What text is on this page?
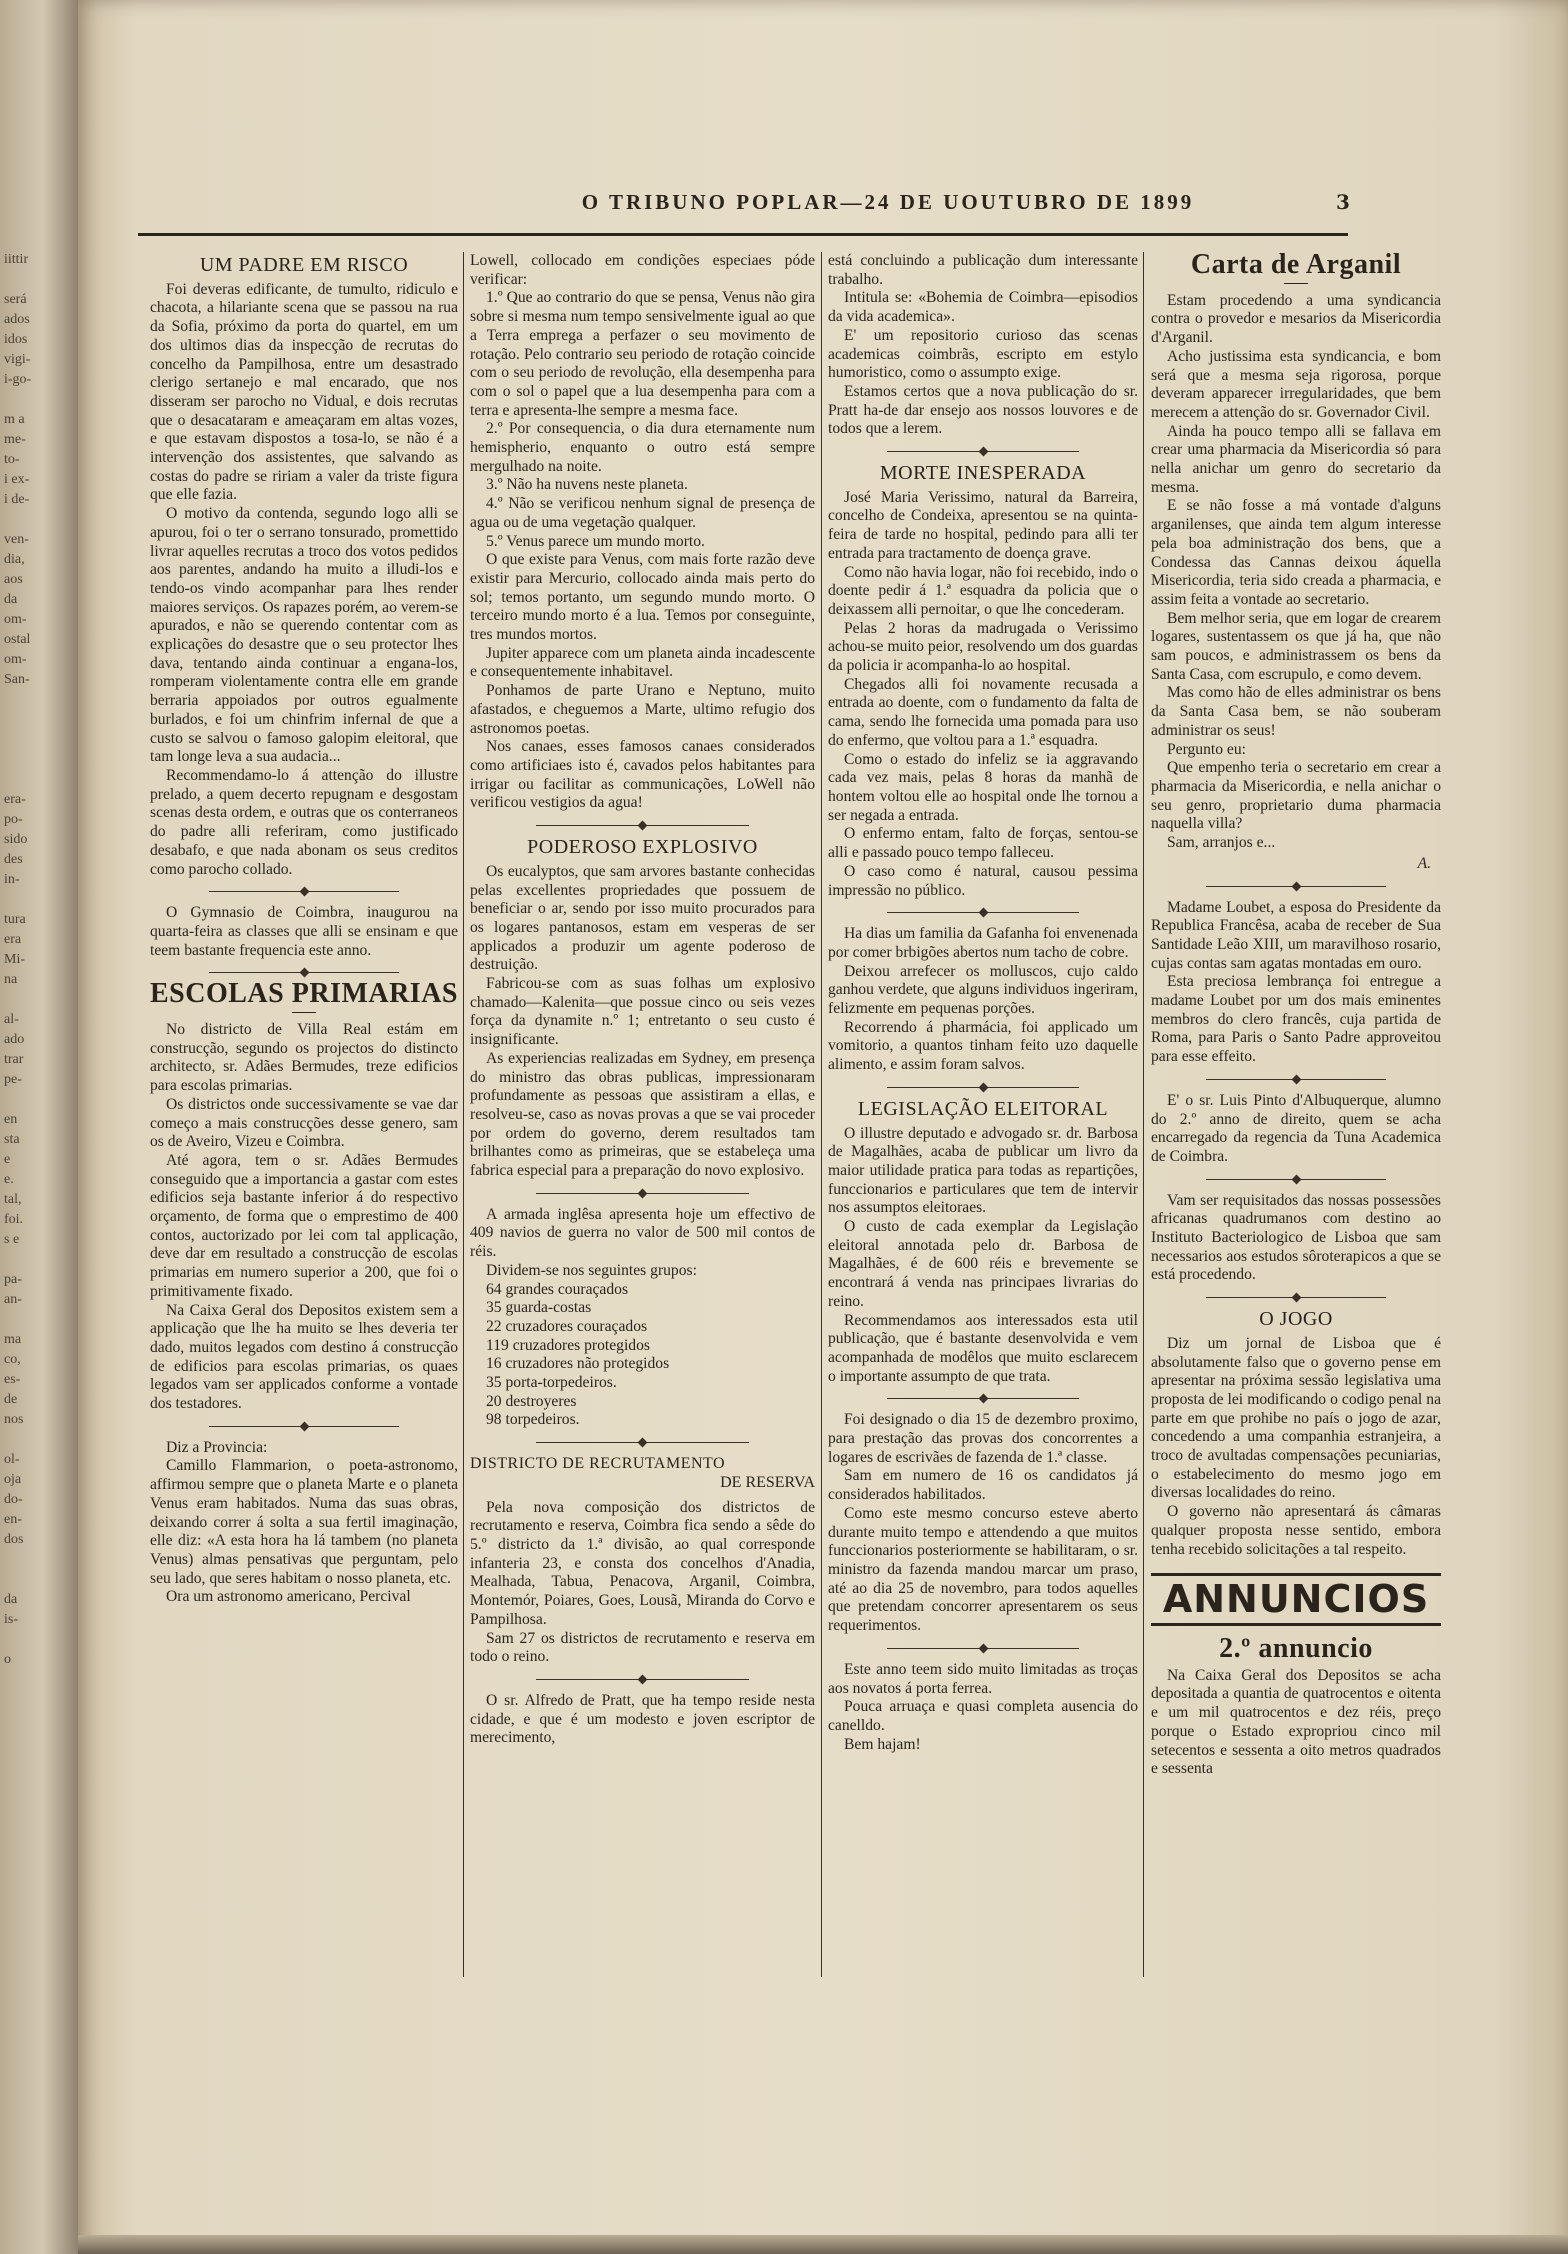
iittir

será
ados
idos
vigi-
i-go-

m a
me-
to-
i ex-
i de-

ven-
dia,
aos
da
om-
ostal
om-
San-

era-
po-
sido
des
in-

tura
era
Mi-
na

al-
ado
trar
pe-

en
sta
e
e.
tal,
foi.
s e

pa-
an-

ma
co,
es-
de
nos

ol-
oja
do-
en-
dos

da
is-

o
O TRIBUNO POPLAR—24 DE UOUTUBRO DE 1899	3
UM PADRE EM RISCO

Foi deveras edificante, de tumulto, ridiculo e chacota, a hilariante scena que se passou na rua da Sofia, próximo da porta do quartel, em um dos ultimos dias da inspecção de recrutas do concelho da Pampilhosa, entre um desastrado clerigo sertanejo e mal encarado, que nos disseram ser parocho no Vidual, e dois recrutas que o desacataram e ameaçaram em altas vozes, e que estavam dispostos a tosa-lo, se não é a intervenção dos assistentes, que salvando as costas do padre se ririam a valer da triste figura que elle fazia.

O motivo da contenda, segundo logo alli se apurou, foi o ter o serrano tonsurado, promettido livrar aquelles recrutas a troco dos votos pedidos aos parentes, andando ha muito a illudi-los e tendo-os vindo acompanhar para lhes render maiores serviços. Os rapazes porém, ao verem-se apurados, e não se querendo contentar com as explicações do desastre que o seu protector lhes dava, tentando ainda continuar a engana-los, romperam violentamente contra elle em grande berraria appoiados por outros egualmente burlados, e foi um chinfrim infernal de que a custo se salvou o famoso galopim eleitoral, que tam longe leva a sua audacia...

Recommendamo-lo á attenção do illustre prelado, a quem decerto repugnam e desgostam scenas desta ordem, e outras que os conterraneos do padre alli referiram, como justificado desabafo, e que nada abonam os seus creditos como parocho collado.

O Gymnasio de Coimbra, inaugurou na quarta-feira as classes que alli se ensinam e que teem bastante frequencia este anno.

ESCOLAS PRIMARIAS

No districto de Villa Real estám em construcção, segundo os projectos do distincto architecto, sr. Adães Bermudes, treze edificios para escolas primarias.

Os districtos onde successivamente se vae dar começo a mais construcções desse genero, sam os de Aveiro, Vizeu e Coimbra.

Até agora, tem o sr. Adães Bermudes conseguido que a importancia a gastar com estes edificios seja bastante inferior á do respectivo orçamento, de forma que o emprestimo de 400 contos, auctorizado por lei com tal applicação, deve dar em resultado a construcção de escolas primarias em numero superior a 200, que foi o primitivamente fixado.

Na Caixa Geral dos Depositos existem sem a applicação que lhe ha muito se lhes deveria ter dado, muitos legados com destino á construcção de edificios para escolas primarias, os quaes legados vam ser applicados conforme a vontade dos testadores.

Diz a Provincia:

Camillo Flammarion, o poeta-astronomo, affirmou sempre que o planeta Marte e o planeta Venus eram habitados. Numa das suas obras, deixando correr á solta a sua fertil imaginação, elle diz: «A esta hora ha lá tambem (no planeta Venus) almas pensativas que perguntam, pelo seu lado, que seres habitam o nosso planeta, etc.

Ora um astronomo americano, Percival

Lowell, collocado em condições especiaes póde verificar:

1.º Que ao contrario do que se pensa, Venus não gira sobre si mesma num tempo sensivelmente igual ao que a Terra emprega a perfazer o seu movimento de rotação. Pelo contrario seu periodo de rotação coincide com o seu periodo de revolução, ella desempenha para com o sol o papel que a lua desempenha para com a terra e apresenta-lhe sempre a mesma face.

2.º Por consequencia, o dia dura eternamente num hemispherio, enquanto o outro está sempre mergulhado na noite.

3.º Não ha nuvens neste planeta.

4.º Não se verificou nenhum signal de presença de agua ou de uma vegetação qualquer.

5.º Venus parece um mundo morto.

O que existe para Venus, com mais forte razão deve existir para Mercurio, collocado ainda mais perto do sol; temos portanto, um segundo mundo morto. O terceiro mundo morto é a lua. Temos por conseguinte, tres mundos mortos.

Jupiter apparece com um planeta ainda incadescente e consequentemente inhabitavel.

Ponhamos de parte Urano e Neptuno, muito afastados, e cheguemos a Marte, ultimo refugio dos astronomos poetas.

Nos canaes, esses famosos canaes considerados como artificiaes isto é, cavados pelos habitantes para irrigar ou facilitar as communicações, LoWell não verificou vestigios da agua!

PODEROSO EXPLOSIVO

Os eucalyptos, que sam arvores bastante conhecidas pelas excellentes propriedades que possuem de beneficiar o ar, sendo por isso muito procurados para os logares pantanosos, estam em vesperas de ser applicados a produzir um agente poderoso de destruição.

Fabricou-se com as suas folhas um explosivo chamado—Kalenita—que possue cinco ou seis vezes força da dynamite n.º 1; entretanto o seu custo é insignificante.

As experiencias realizadas em Sydney, em presença do ministro das obras publicas, impressionaram profundamente as pessoas que assistiram a ellas, e resolveu-se, caso as novas provas a que se vai proceder por ordem do governo, derem resultados tam brilhantes como as primeiras, que se estabeleça uma fabrica especial para a preparação do novo explosivo.

A armada inglêsa apresenta hoje um effectivo de 409 navios de guerra no valor de 500 mil contos de réis.

Dividem-se nos seguintes grupos:

64 grandes couraçados
35 guarda-costas
22 cruzadores couraçados
119 cruzadores protegidos
16 cruzadores não protegidos
35 porta-torpedeiros.
20 destroyeres
98 torpedeiros.
DISTRICTO DE RECRUTAMENTO
DE RESERVA

Pela nova composição dos districtos de recrutamento e reserva, Coimbra fica sendo a sêde do 5.º districto da 1.ª divisão, ao qual corresponde infanteria 23, e consta dos concelhos d'Anadia, Mealhada, Tabua, Penacova, Arganil, Coimbra, Montemór, Poiares, Goes, Lousã, Miranda do Corvo e Pampilhosa.

Sam 27 os districtos de recrutamento e reserva em todo o reino.

O sr. Alfredo de Pratt, que ha tempo reside nesta cidade, e que é um modesto e joven escriptor de merecimento,

está concluindo a publicação dum interessante trabalho.

Intitula se: «Bohemia de Coimbra—episodios da vida academica».

E' um repositorio curioso das scenas academicas coimbrãs, escripto em estylo humoristico, como o assumpto exige.

Estamos certos que a nova publicação do sr. Pratt ha-de dar ensejo aos nossos louvores e de todos que a lerem.

MORTE INESPERADA

José Maria Verissimo, natural da Barreira, concelho de Condeixa, apresentou se na quinta-feira de tarde no hospital, pedindo para alli ter entrada para tractamento de doença grave.

Como não havia logar, não foi recebido, indo o doente pedir á 1.ª esquadra da policia que o deixassem alli pernoitar, o que lhe concederam.

Pelas 2 horas da madrugada o Verissimo achou-se muito peior, resolvendo um dos guardas da policia ir acompanha-lo ao hospital.

Chegados alli foi novamente recusada a entrada ao doente, com o fundamento da falta de cama, sendo lhe fornecida uma pomada para uso do enfermo, que voltou para a 1.ª esquadra.

Como o estado do infeliz se ia aggravando cada vez mais, pelas 8 horas da manhã de hontem voltou elle ao hospital onde lhe tornou a ser negada a entrada.

O enfermo entam, falto de forças, sentou-se alli e passado pouco tempo falleceu.

O caso como é natural, causou pessima impressão no público.

Ha dias um familia da Gafanha foi envenenada por comer brbigões abertos num tacho de cobre.

Deixou arrefecer os molluscos, cujo caldo ganhou verdete, que alguns individuos ingeriram, felizmente em pequenas porções.

Recorrendo á pharmácia, foi applicado um vomitorio, a quantos tinham feito uzo daquelle alimento, e assim foram salvos.

LEGISLAÇÃO ELEITORAL

O illustre deputado e advogado sr. dr. Barbosa de Magalhães, acaba de publicar um livro da maior utilidade pratica para todas as repartições, funccionarios e particulares que tem de intervir nos assumptos eleitoraes.

O custo de cada exemplar da Legislação eleitoral annotada pelo dr. Barbosa de Magalhães, é de 600 réis e brevemente se encontrará á venda nas principaes livrarias do reino.

Recommendamos aos interessados esta util publicação, que é bastante desenvolvida e vem acompanhada de modêlos que muito esclarecem o importante assumpto de que trata.

Foi designado o dia 15 de dezembro proximo, para prestação das provas dos concorrentes a logares de escrivães de fazenda de 1.ª classe.

Sam em numero de 16 os candidatos já considerados habilitados.

Como este mesmo concurso esteve aberto durante muito tempo e attendendo a que muitos funccionarios posteriormente se habilitaram, o sr. ministro da fazenda mandou marcar um praso, até ao dia 25 de novembro, para todos aquelles que pretendam concorrer apresentarem os seus requerimentos.

Este anno teem sido muito limitadas as troças aos novatos á porta ferrea.

Pouca arruaça e quasi completa ausencia do canelldo.

Bem hajam!

Carta de Arganil

Estam procedendo a uma syndicancia contra o provedor e mesarios da Misericordia d'Arganil.

Acho justissima esta syndicancia, e bom será que a mesma seja rigorosa, porque deveram apparecer irregularidades, que bem merecem a attenção do sr. Governador Civil.

Ainda ha pouco tempo alli se fallava em crear uma pharmacia da Misericordia só para nella anichar um genro do secretario da mesma.

E se não fosse a má vontade d'alguns arganilenses, que ainda tem algum interesse pela boa administração dos bens, que a Condessa das Cannas deixou áquella Misericordia, teria sido creada a pharmacia, e assim feita a vontade ao secretario.

Bem melhor seria, que em logar de crearem logares, sustentassem os que já ha, que não sam poucos, e administrassem os bens da Santa Casa, com escrupulo, e como devem.

Mas como hão de elles administrar os bens da Santa Casa bem, se não souberam administrar os seus!

Pergunto eu:

Que empenho teria o secretario em crear a pharmacia da Misericordia, e nella anichar o seu genro, proprietario duma pharmacia naquella villa?

Sam, arranjos e...

A.

Madame Loubet, a esposa do Presidente da Republica Francêsa, acaba de receber de Sua Santidade Leão XIII, um maravilhoso rosario, cujas contas sam agatas montadas em ouro.

Esta preciosa lembrança foi entregue a madame Loubet por um dos mais eminentes membros do clero francês, cuja partida de Roma, para Paris o Santo Padre approveitou para esse effeito.

E' o sr. Luis Pinto d'Albuquerque, alumno do 2.º anno de direito, quem se acha encarregado da regencia da Tuna Academica de Coimbra.

Vam ser requisitados das nossas possessões africanas quadrumanos com destino ao Instituto Bacteriologico de Lisboa que sam necessarios aos estudos sôroterapicos a que se está procedendo.

O JOGO

Diz um jornal de Lisboa que é absolutamente falso que o governo pense em apresentar na próxima sessão legislativa uma proposta de lei modificando o codigo penal na parte em que prohibe no país o jogo de azar, concedendo a uma companhia estranjeira, a troco de avultadas compensações pecuniarias, o estabelecimento do mesmo jogo em diversas localidades do reino.

O governo não apresentará ás câmaras qualquer proposta nesse sentido, embora tenha recebido solicitações a tal respeito.

ANNUNCIOS
2.º annuncio

Na Caixa Geral dos Depositos se acha depositada a quantia de quatrocentos e oitenta e um mil quatrocentos e dez réis, preço porque o Estado expropriou cinco mil setecentos e sessenta a oito metros quadrados e sessenta
